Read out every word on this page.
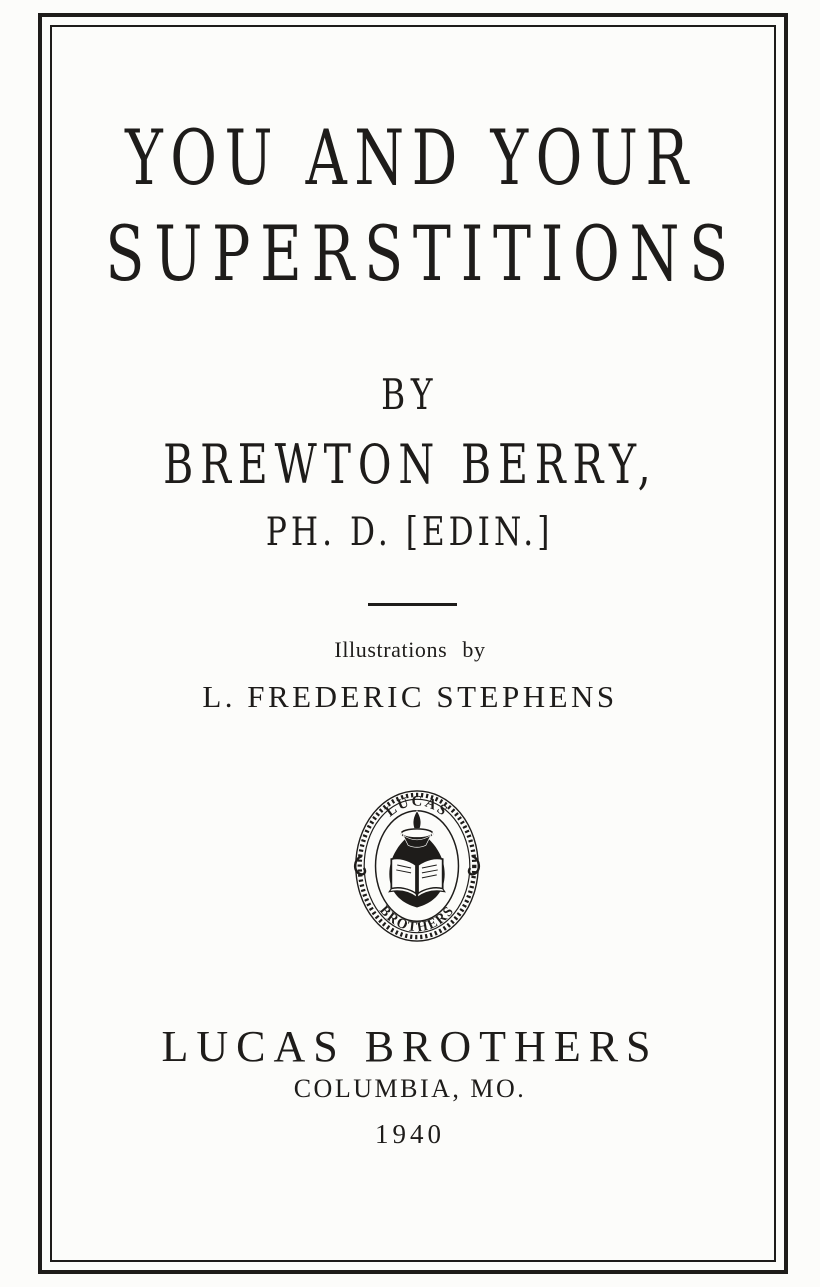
YOU AND YOUR
SUPERSTITIONS
BY
BREWTON BERRY,
PH. D. [EDIN.]
Illustrations by
L. FREDERIC STEPHENS
LUCAS
BROTHERS
LUCAS BROTHERS
COLUMBIA, MO.
1940
